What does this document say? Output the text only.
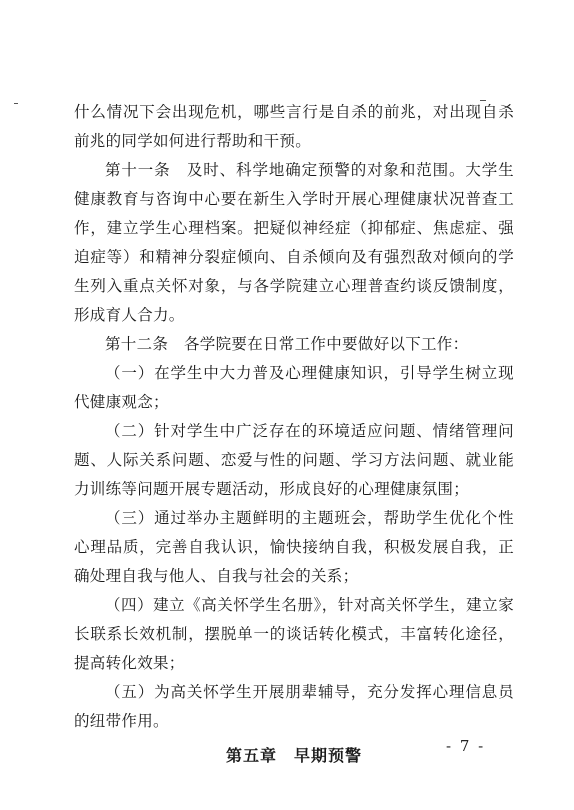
什么情况下会出现危机，哪些言行是自杀的前兆，对出现自杀前兆的同学如何进行帮助和干预。

第十一条　及时、科学地确定预警的对象和范围。大学生健康教育与咨询中心要在新生入学时开展心理健康状况普查工作，建立学生心理档案。把疑似神经症（抑郁症、焦虑症、强迫症等）和精神分裂症倾向、自杀倾向及有强烈敌对倾向的学生列入重点关怀对象，与各学院建立心理普查约谈反馈制度，形成育人合力。

第十二条　各学院要在日常工作中要做好以下工作：

（一）在学生中大力普及心理健康知识，引导学生树立现代健康观念；

（二）针对学生中广泛存在的环境适应问题、情绪管理问题、人际关系问题、恋爱与性的问题、学习方法问题、就业能力训练等问题开展专题活动，形成良好的心理健康氛围；

（三）通过举办主题鲜明的主题班会，帮助学生优化个性心理品质，完善自我认识，愉快接纳自我，积极发展自我，正确处理自我与他人、自我与社会的关系；

（四）建立《高关怀学生名册》，针对高关怀学生，建立家长联系长效机制，摆脱单一的谈话转化模式，丰富转化途径，提高转化效果；

（五）为高关怀学生开展朋辈辅导，充分发挥心理信息员的纽带作用。

第五章　早期预警	- 7 -
